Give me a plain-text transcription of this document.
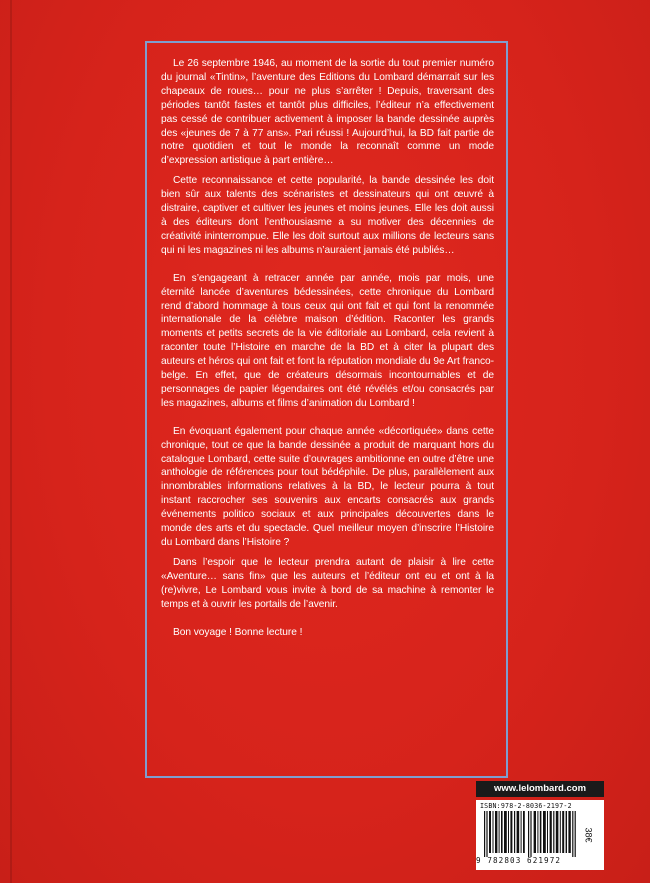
Le 26 septembre 1946, au moment de la sortie du tout premier numéro du journal «Tintin», l’aventure des Editions du Lombard démarrait sur les chapeaux de roues… pour ne plus s’arrêter ! Depuis, traversant des périodes tantôt fastes et tantôt plus difficiles, l’éditeur n’a effectivement pas cessé de contribuer activement à imposer la bande dessinée auprès des «jeunes de 7 à 77 ans». Pari réussi ! Aujourd’hui, la BD fait partie de notre quotidien et tout le monde la reconnaît comme un mode d’expression artistique à part entière…

Cette reconnaissance et cette popularité, la bande dessinée les doit bien sûr aux talents des scénaristes et dessinateurs qui ont œuvré à distraire, captiver et cultiver les jeunes et moins jeunes. Elle les doit aussi à des éditeurs dont l’enthousiasme a su motiver des décennies de créativité ininterrompue. Elle les doit surtout aux millions de lecteurs sans qui ni les magazines ni les albums n’auraient jamais été publiés…

En s’engageant à retracer année par année, mois par mois, une éternité lancée d’aventures bédessinées, cette chronique du Lombard rend d’abord hommage à tous ceux qui ont fait et qui font la renommée internationale de la célèbre maison d’édition. Raconter les grands moments et petits secrets de la vie éditoriale au Lombard, cela revient à raconter toute l’Histoire en marche de la BD et à citer la plupart des auteurs et héros qui ont fait et font la réputation mondiale du 9e Art franco-belge. En effet, que de créateurs désormais incontournables et de personnages de papier légendaires ont été révélés et/ou consacrés par les magazines, albums et films d’animation du Lombard !

En évoquant également pour chaque année «décortiquée» dans cette chronique, tout ce que la bande dessinée a produit de marquant hors du catalogue Lombard, cette suite d’ouvrages ambitionne en outre d’être une anthologie de références pour tout bédéphile. De plus, parallèlement aux innombrables informations relatives à la BD, le lecteur pourra à tout instant raccrocher ses souvenirs aux encarts consacrés aux grands événements politico sociaux et aux principales découvertes dans le monde des arts et du spectacle. Quel meilleur moyen d’inscrire l’Histoire du Lombard dans l’Histoire ?

Dans l’espoir que le lecteur prendra autant de plaisir à lire cette «Aventure… sans fin» que les auteurs et l’éditeur ont eu et ont à la (re)vivre, Le Lombard vous invite à bord de sa machine à remonter le temps et à ouvrir les portails de l’avenir.

Bon voyage ! Bonne lecture !

www.lelombard.com
ISBN:978-2-8036-2197-2
9 782803 621972
38€
